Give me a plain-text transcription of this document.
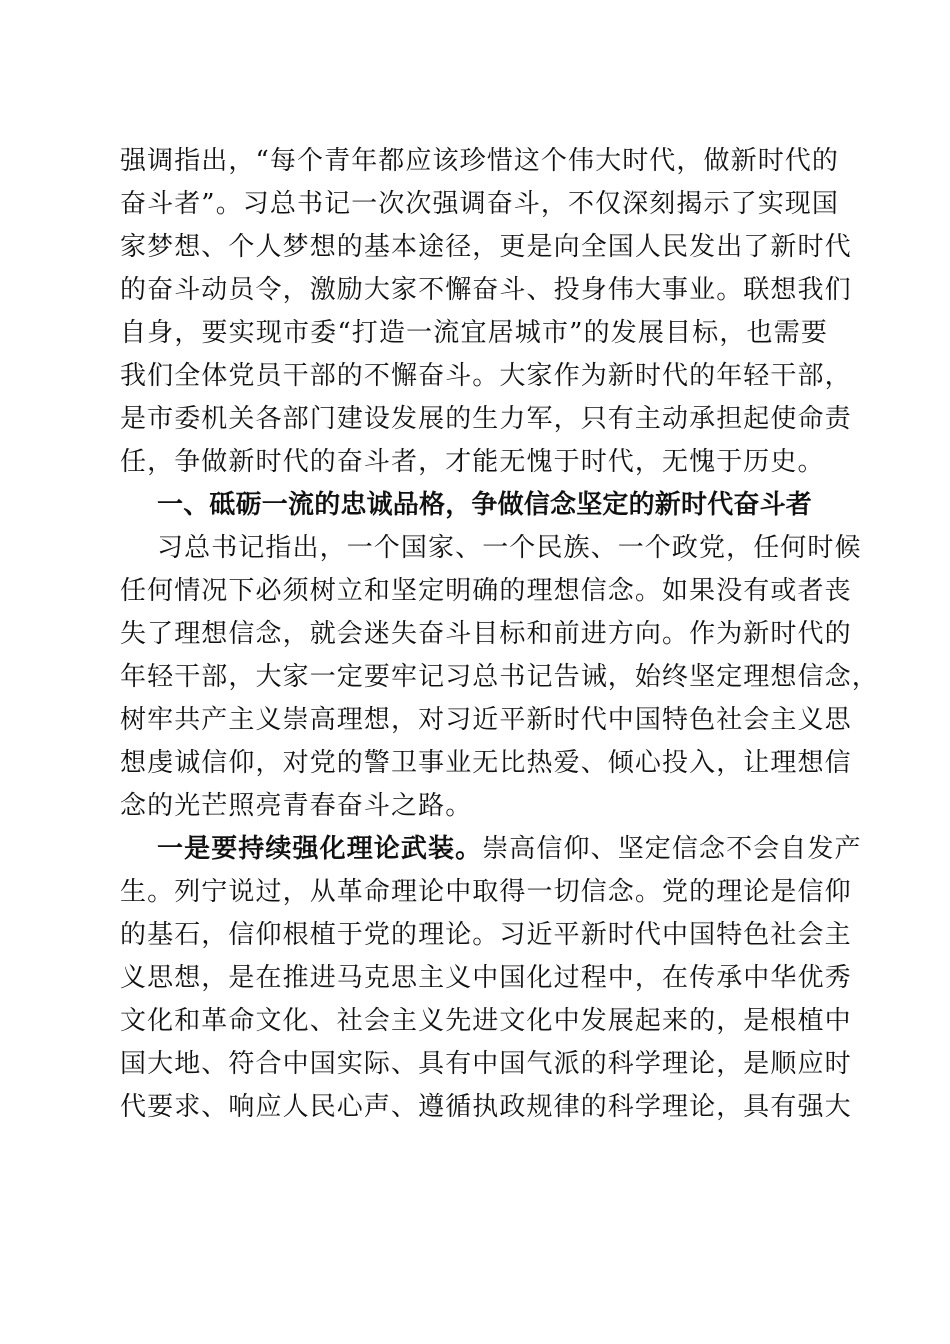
强调指出，“每个青年都应该珍惜这个伟大时代，做新时代的
奋斗者”。习总书记一次次强调奋斗，不仅深刻揭示了实现国
家梦想、个人梦想的基本途径，更是向全国人民发出了新时代
的奋斗动员令，激励大家不懈奋斗、投身伟大事业。联想我们
自身，要实现市委“打造一流宜居城市”的发展目标，也需要
我们全体党员干部的不懈奋斗。大家作为新时代的年轻干部，
是市委机关各部门建设发展的生力军，只有主动承担起使命责
任，争做新时代的奋斗者，才能无愧于时代，无愧于历史。
一、砥砺一流的忠诚品格，争做信念坚定的新时代奋斗者
习总书记指出，一个国家、一个民族、一个政党，任何时候
任何情况下必须树立和坚定明确的理想信念。如果没有或者丧
失了理想信念，就会迷失奋斗目标和前进方向。作为新时代的
年轻干部，大家一定要牢记习总书记告诫，始终坚定理想信念，
树牢共产主义崇高理想，对习近平新时代中国特色社会主义思
想虔诚信仰，对党的警卫事业无比热爱、倾心投入，让理想信
念的光芒照亮青春奋斗之路。
一是要持续强化理论武装。崇高信仰、坚定信念不会自发产
生。列宁说过，从革命理论中取得一切信念。党的理论是信仰
的基石，信仰根植于党的理论。习近平新时代中国特色社会主
义思想，是在推进马克思主义中国化过程中，在传承中华优秀
文化和革命文化、社会主义先进文化中发展起来的，是根植中
国大地、符合中国实际、具有中国气派的科学理论，是顺应时
代要求、响应人民心声、遵循执政规律的科学理论，具有强大
